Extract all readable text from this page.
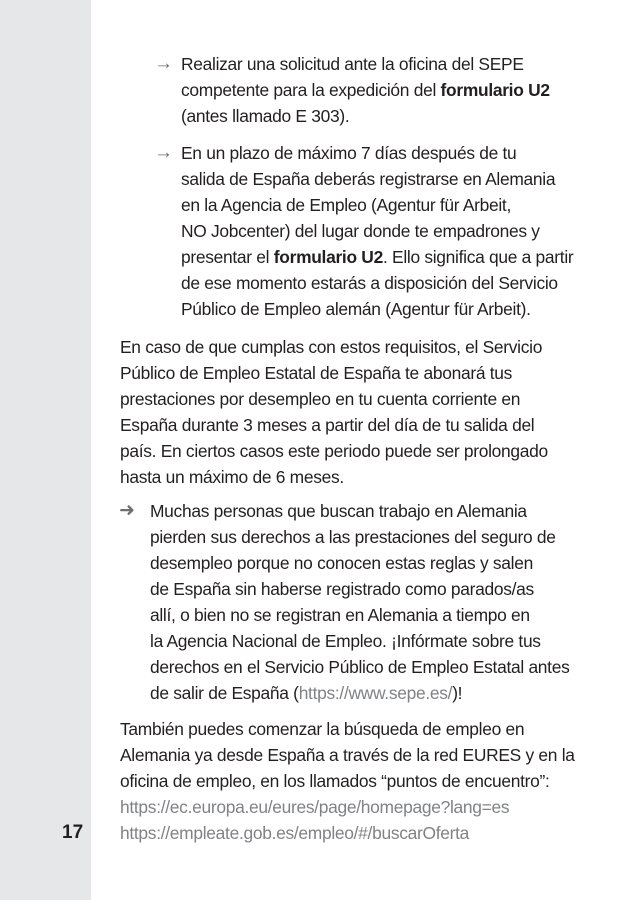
17
→ Realizar una solicitud ante la oficina del SEPE
competente para la expedición del formulario U2
(antes llamado E 303).
→ En un plazo de máximo 7 días después de tu
salida de España deberás registrarse en Alemania
en la Agencia de Empleo (Agentur für Arbeit,
NO Jobcenter) del lugar donde te empadrones y
presentar el formulario U2. Ello significa que a partir
de ese momento estarás a disposición del Servicio
Público de Empleo alemán (Agentur für Arbeit).
En caso de que cumplas con estos requisitos, el Servicio
Público de Empleo Estatal de España te abonará tus
prestaciones por desempleo en tu cuenta corriente en
España durante 3 meses a partir del día de tu salida del
país. En ciertos casos este periodo puede ser prolongado
hasta un máximo de 6 meses.
➜ Muchas personas que buscan trabajo en Alemania
pierden sus derechos a las prestaciones del seguro de
desempleo porque no conocen estas reglas y salen
de España sin haberse registrado como parados/as
allí, o bien no se registran en Alemania a tiempo en
la Agencia Nacional de Empleo. ¡Infórmate sobre tus
derechos en el Servicio Público de Empleo Estatal antes
de salir de España (https://www.sepe.es/)!
También puedes comenzar la búsqueda de empleo en
Alemania ya desde España a través de la red EURES y en la
oficina de empleo, en los llamados “puntos de encuentro”:
https://ec.europa.eu/eures/page/homepage?lang=es
https://empleate.gob.es/empleo/#/buscarOferta
